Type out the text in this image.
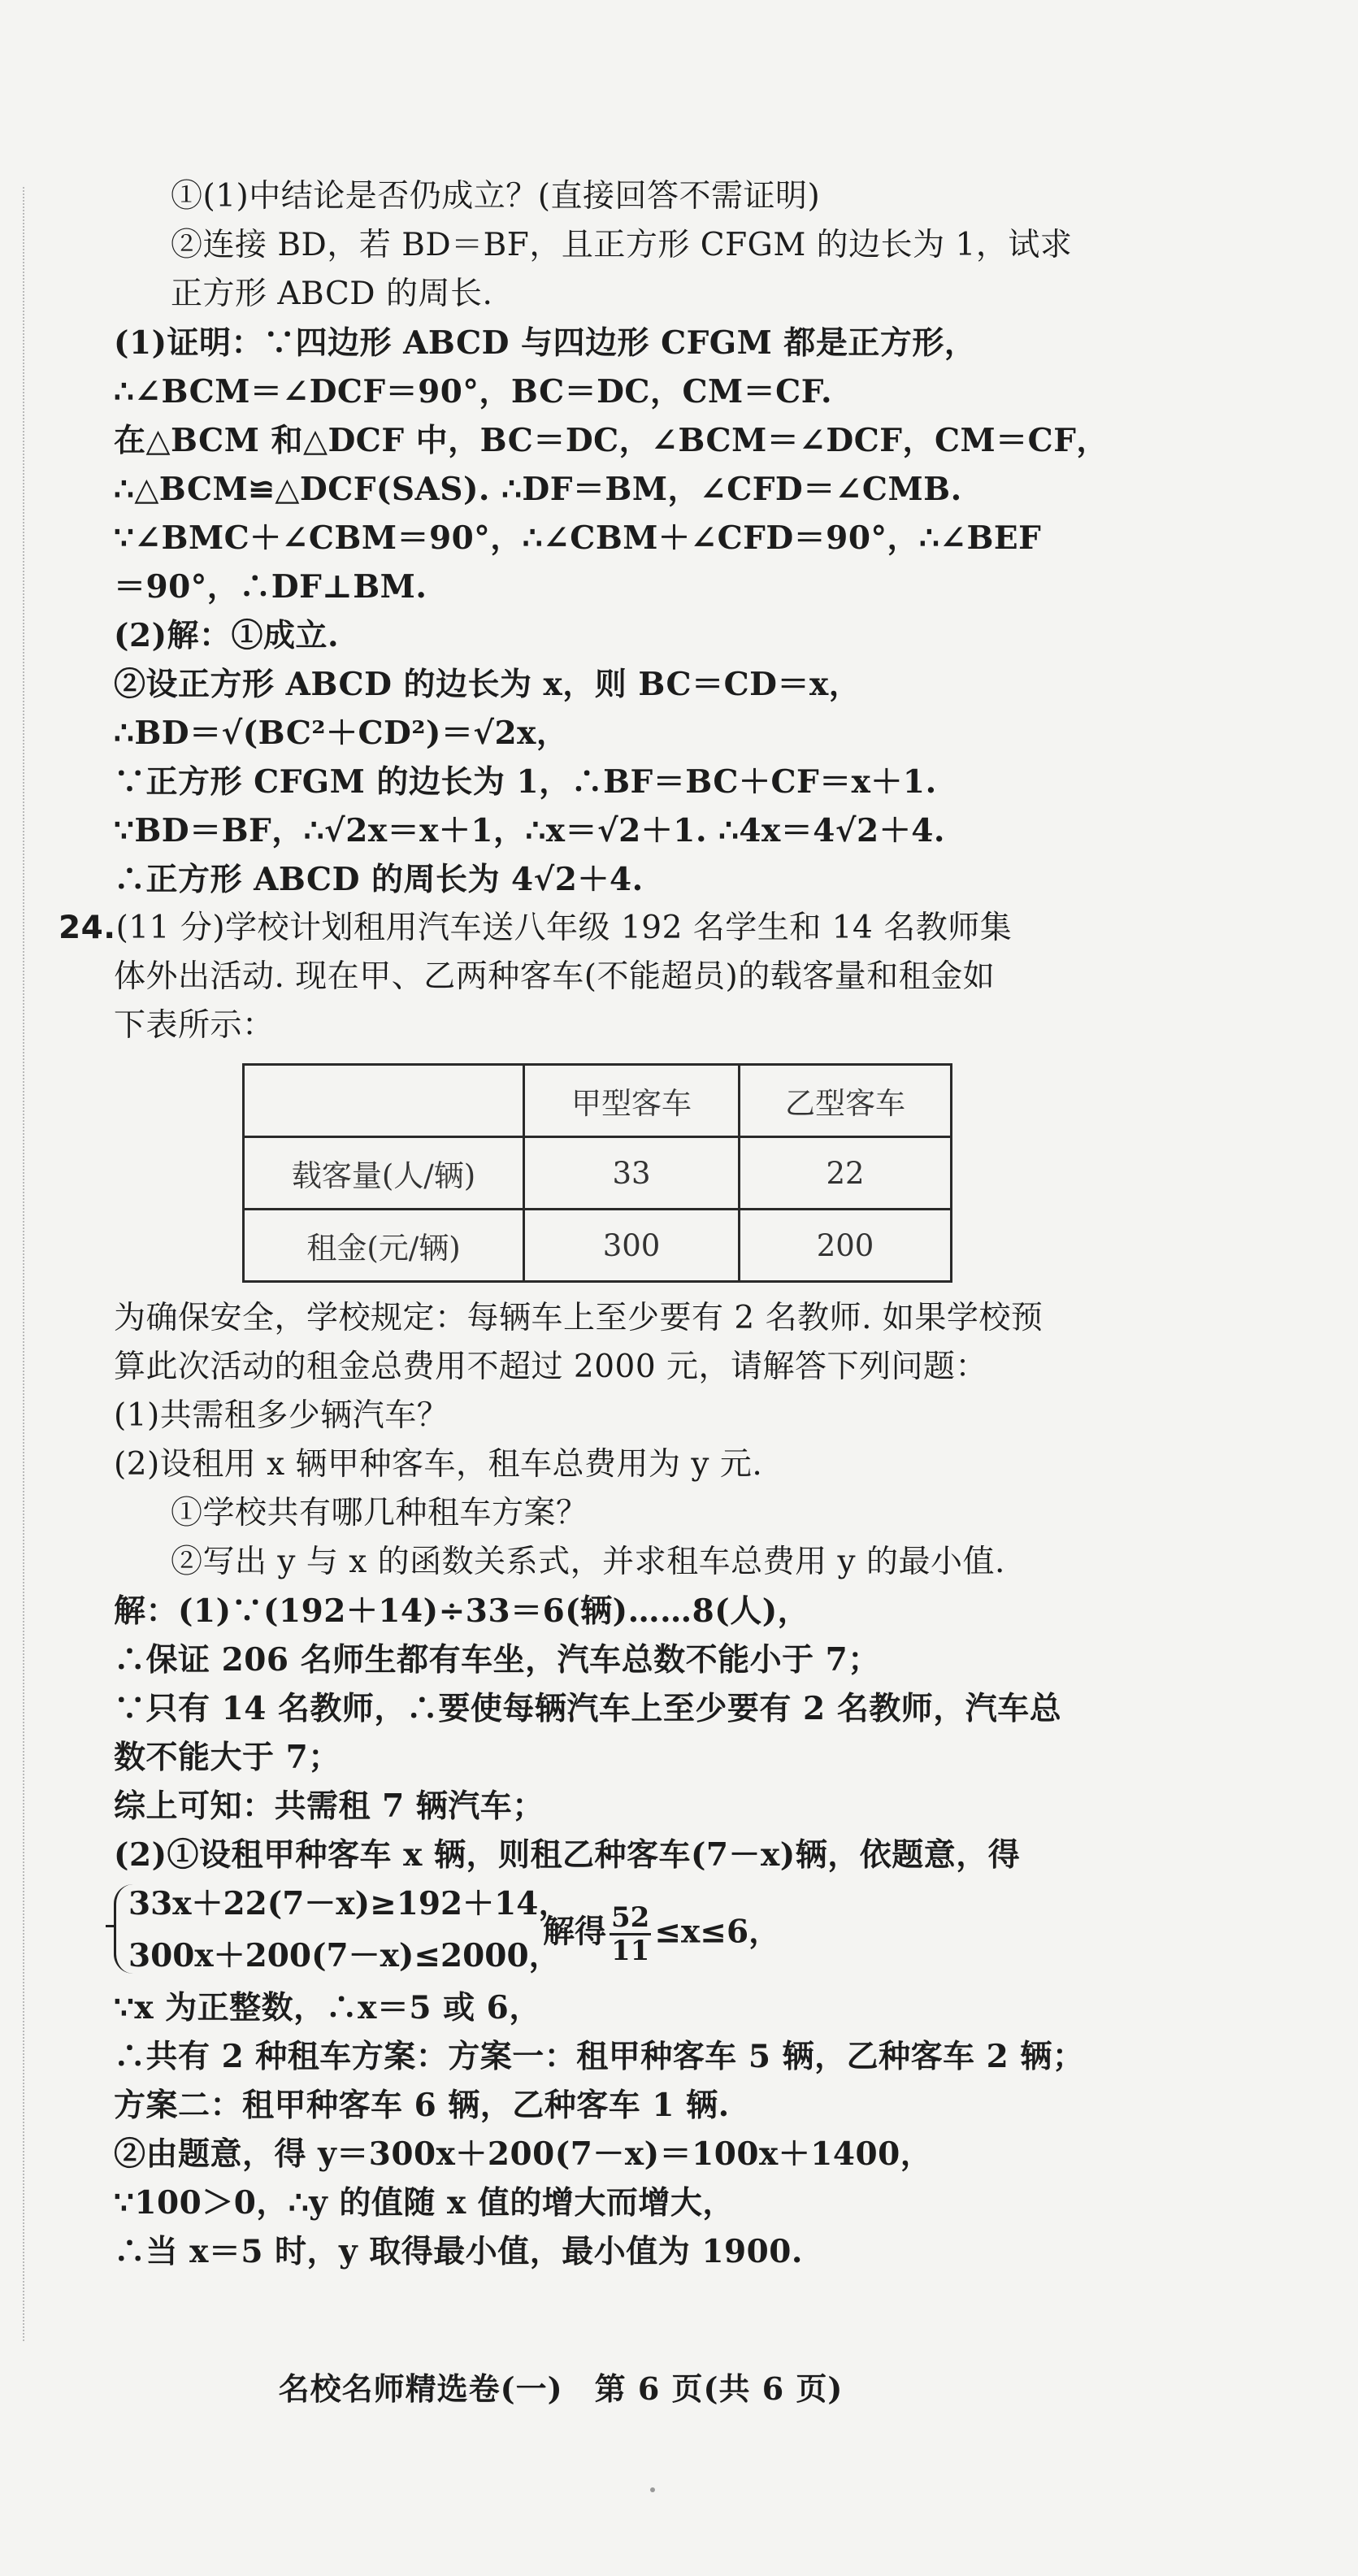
①(1)中结论是否仍成立？(直接回答不需证明)
②连接 BD，若 BD＝BF，且正方形 CFGM 的边长为 1，试求
正方形 ABCD 的周长.
(1)证明：∵四边形 ABCD 与四边形 CFGM 都是正方形，
∴∠BCM＝∠DCF＝90°，BC＝DC，CM＝CF.
在△BCM 和△DCF 中，BC＝DC，∠BCM＝∠DCF，CM＝CF，
∴△BCM≌△DCF(SAS). ∴DF＝BM，∠CFD＝∠CMB.
∵∠BMC＋∠CBM＝90°，∴∠CBM＋∠CFD＝90°，∴∠BEF
＝90°，∴DF⊥BM.
(2)解：①成立.
②设正方形 ABCD 的边长为 x，则 BC＝CD＝x，
∴BD＝√(BC²＋CD²)＝√2x，
∵正方形 CFGM 的边长为 1，∴BF＝BC＋CF＝x＋1.
∵BD＝BF，∴√2x＝x＋1，∴x＝√2＋1. ∴4x＝4√2＋4.
∴正方形 ABCD 的周长为 4√2＋4.
24.(11 分)学校计划租用汽车送八年级 192 名学生和 14 名教师集
体外出活动. 现在甲、乙两种客车(不能超员)的载客量和租金如
下表所示：
	甲型客车	乙型客车
载客量(人/辆)	33	22
租金(元/辆)	300	200
为确保安全，学校规定：每辆车上至少要有 2 名教师. 如果学校预
算此次活动的租金总费用不超过 2000 元，请解答下列问题：
(1)共需租多少辆汽车？
(2)设租用 x 辆甲种客车，租车总费用为 y 元.
①学校共有哪几种租车方案？
②写出 y 与 x 的函数关系式，并求租车总费用 y 的最小值.
解：(1)∵(192＋14)÷33＝6(辆)……8(人)，
∴保证 206 名师生都有车坐，汽车总数不能小于 7；
∵只有 14 名教师，∴要使每辆汽车上至少要有 2 名教师，汽车总
数不能大于 7；
综上可知：共需租 7 辆汽车；
(2)①设租甲种客车 x 辆，则租乙种客车(7－x)辆，依题意，得
33x＋22(7－x)≥192＋14，
300x＋200(7－x)≤2000，
解得 $\frac{52}{11} \le x\le 6$，
∵x 为正整数，∴x＝5 或 6，
∴共有 2 种租车方案：方案一：租甲种客车 5 辆，乙种客车 2 辆；
方案二：租甲种客车 6 辆，乙种客车 1 辆.
②由题意，得 y＝300x＋200(7－x)＝100x＋1400，
∵100＞0，∴y 的值随 x 值的增大而增大，
∴当 x＝5 时，y 取得最小值，最小值为 1900.
名校名师精选卷(一)　第 6 页(共 6 页)
